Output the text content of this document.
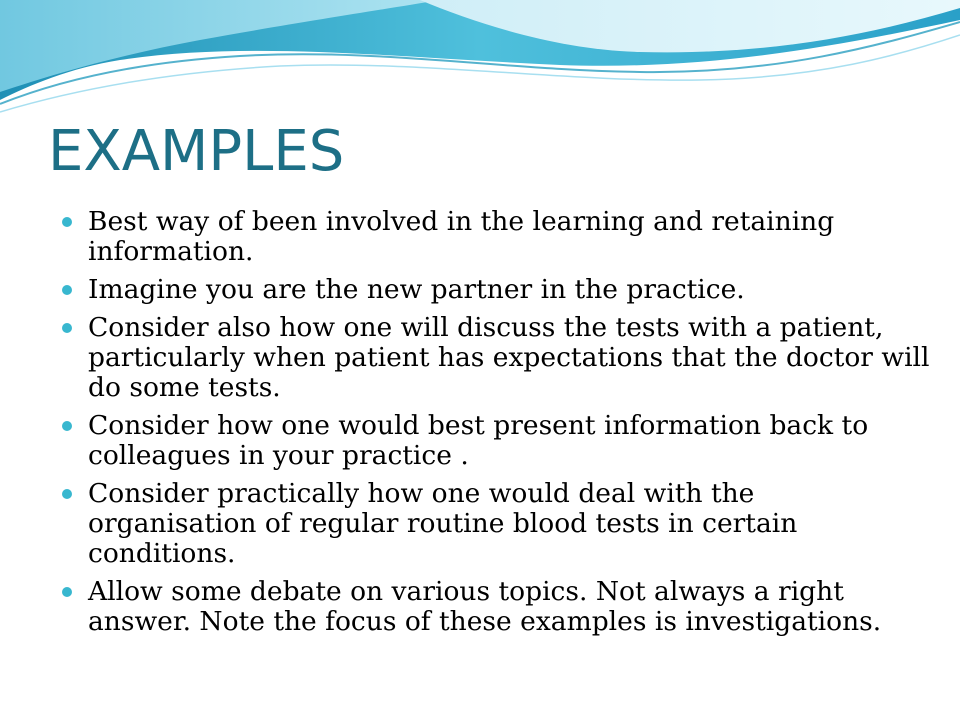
EXAMPLES
Best way of been involved in the learning and retaining information.
Imagine you are the new partner in the practice.
Consider also how one will discuss the tests with a patient, particularly when patient has expectations that the doctor will do some tests.
Consider how one would best present information back to colleagues in your practice .
Consider practically how one would deal with the organisation of regular routine blood tests in certain conditions.
Allow some debate on various topics. Not always a right answer. Note the focus of these examples is investigations.
